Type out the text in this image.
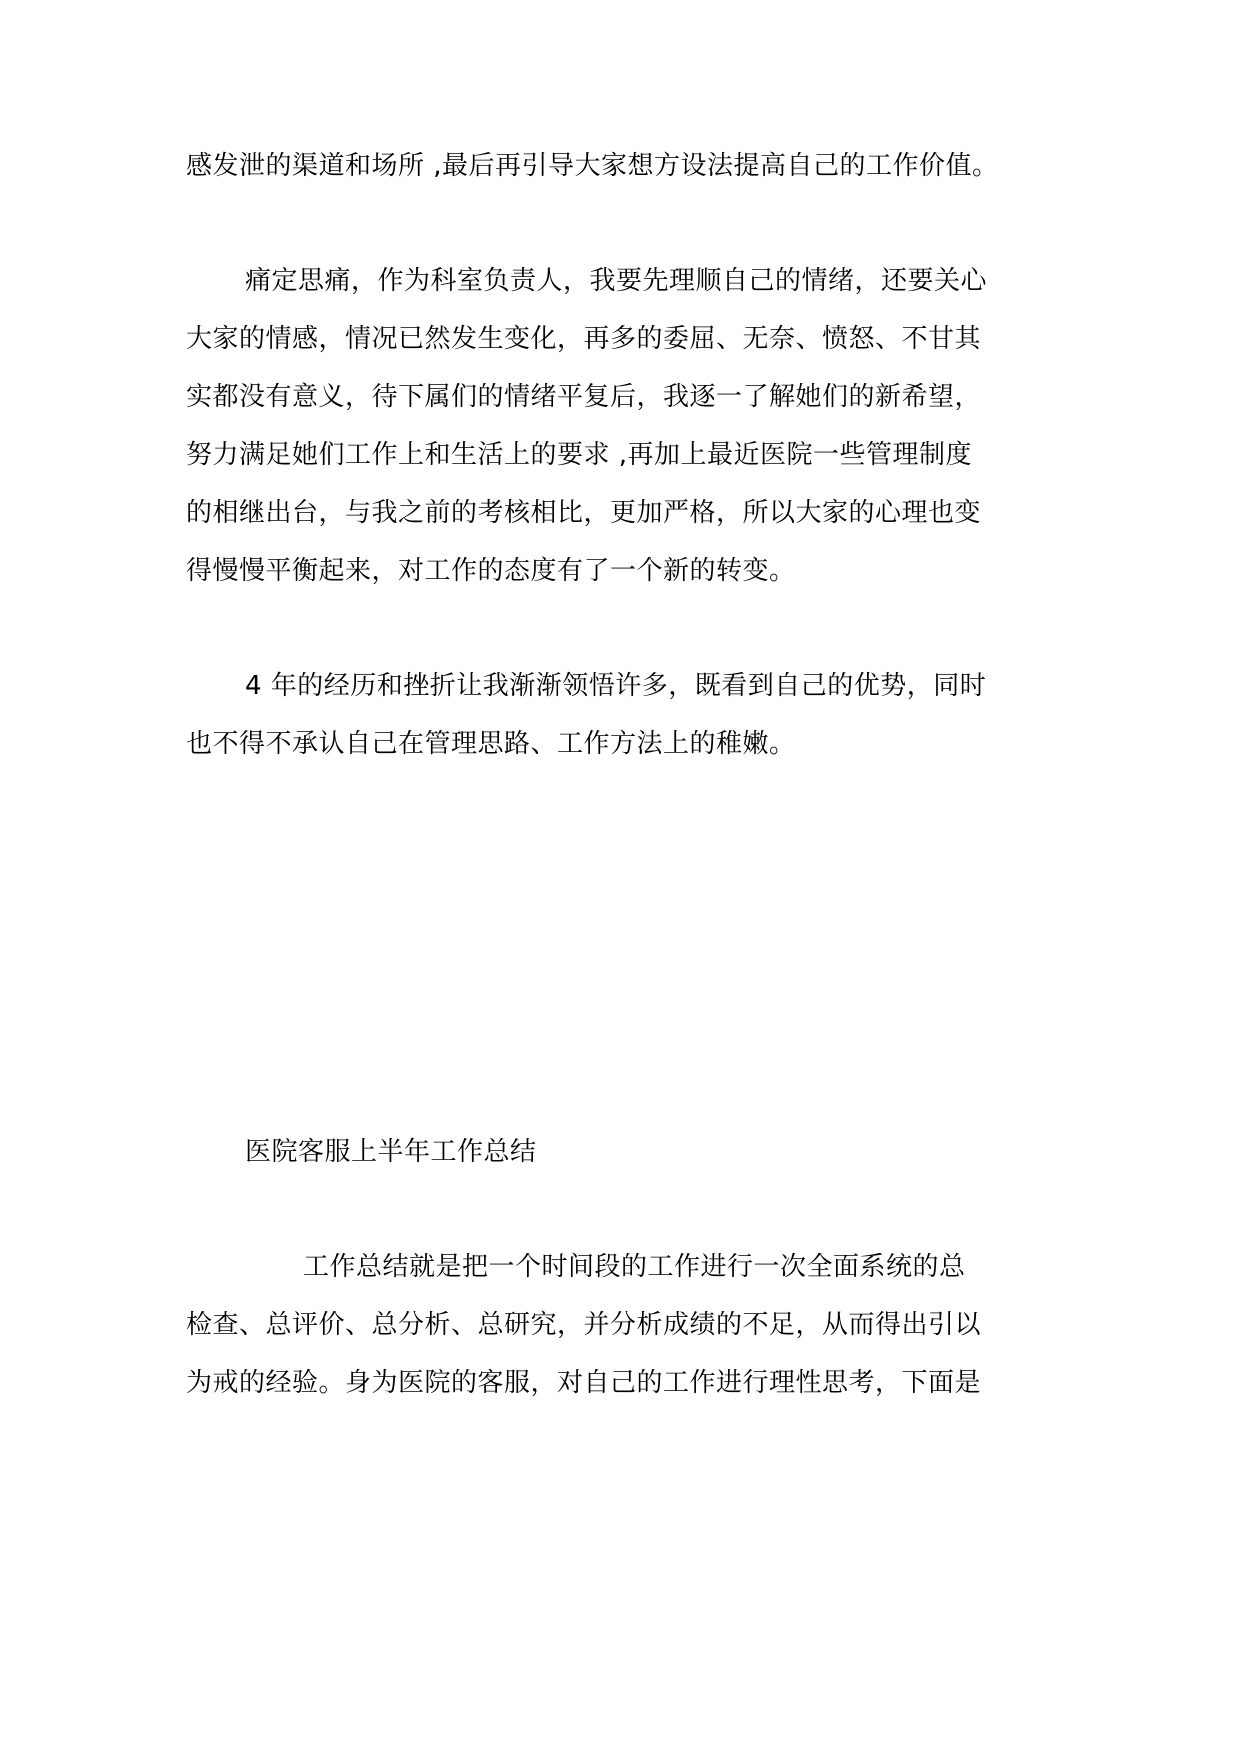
感发泄的渠道和场所 ,最后再引导大家想方设法提高自己的工作价值。
痛定思痛，作为科室负责人，我要先理顺自己的情绪，还要关心
大家的情感，情况已然发生变化，再多的委屈、无奈、愤怒、不甘其
实都没有意义，待下属们的情绪平复后，我逐一了解她们的新希望，
努力满足她们工作上和生活上的要求 ,再加上最近医院一些管理制度
的相继出台，与我之前的考核相比，更加严格，所以大家的心理也变
得慢慢平衡起来，对工作的态度有了一个新的转变。
4 年的经历和挫折让我渐渐领悟许多，既看到自己的优势，同时
也不得不承认自己在管理思路、工作方法上的稚嫩。
医院客服上半年工作总结
工作总结就是把一个时间段的工作进行一次全面系统的总
检查、总评价、总分析、总研究，并分析成绩的不足，从而得出引以
为戒的经验。身为医院的客服，对自己的工作进行理性思考，下面是
